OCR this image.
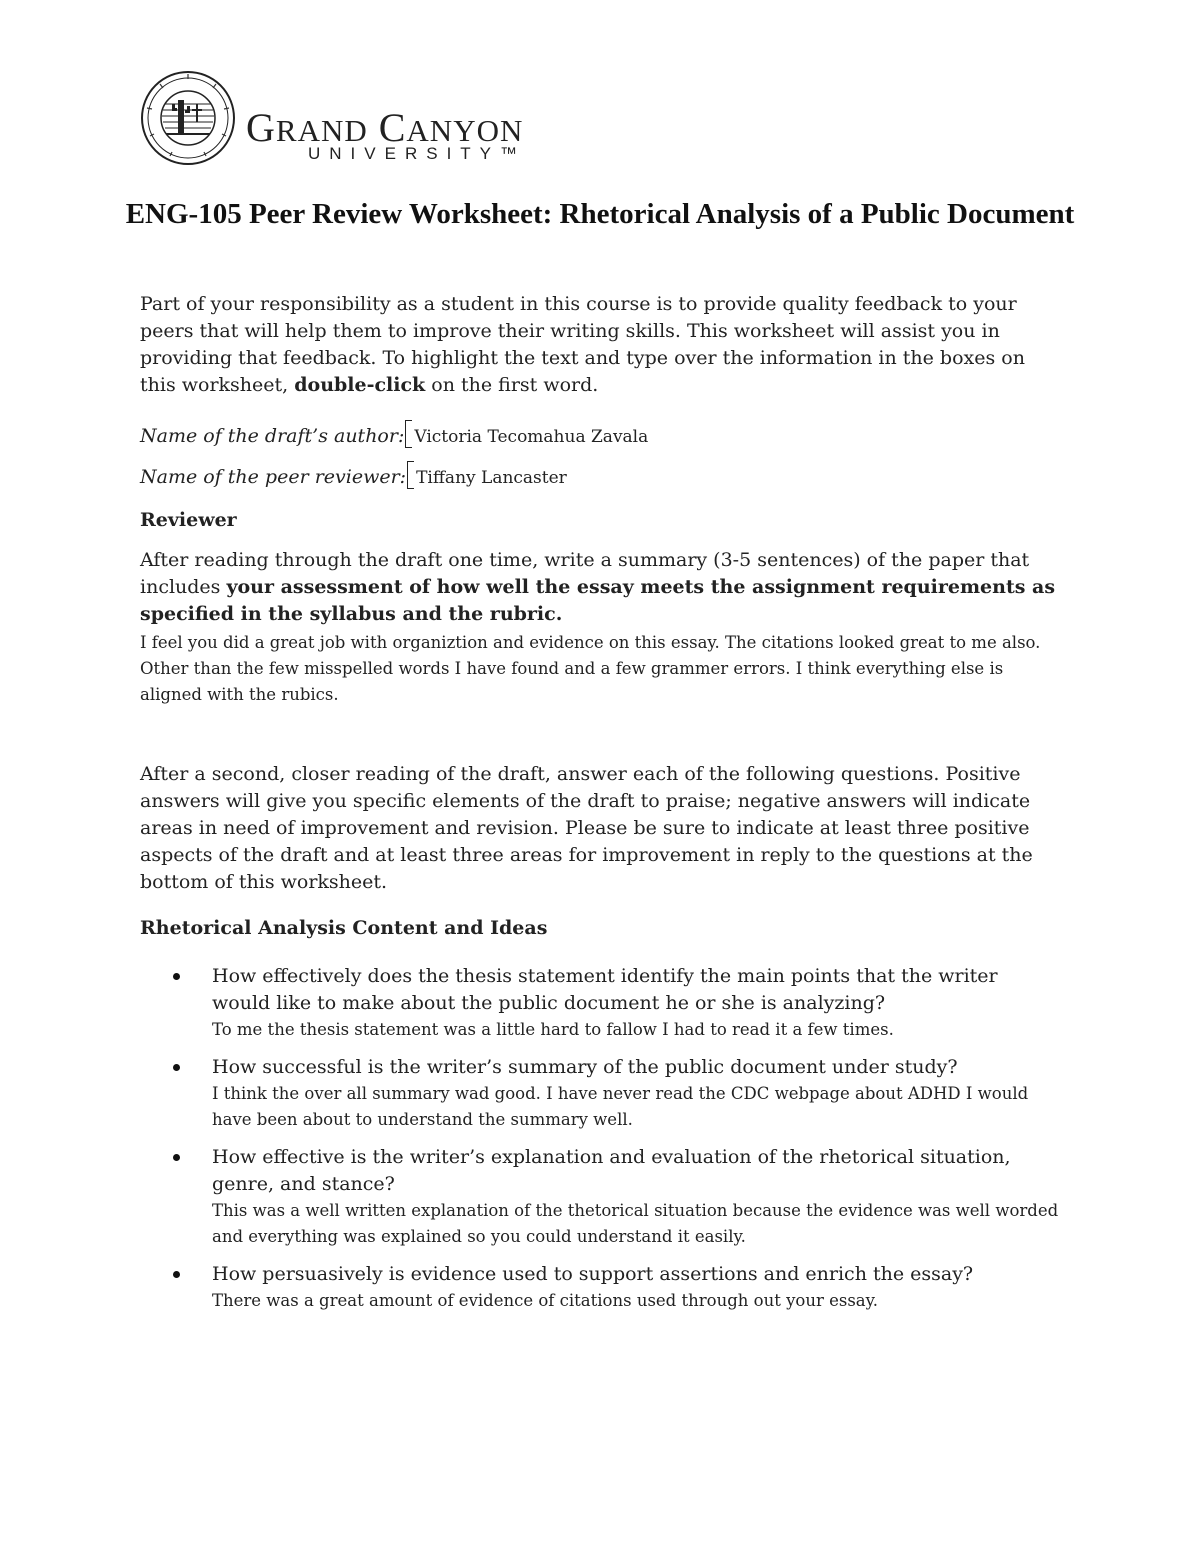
GRAND CANYON
UNIVERSITY™
ENG-105 Peer Review Worksheet: Rhetorical Analysis of a Public Document
Part of your responsibility as a student in this course is to provide quality feedback to your peers that will help them to improve their writing skills. This worksheet will assist you in providing that feedback. To highlight the text and type over the information in the boxes on this worksheet, double-click on the first word.
Name of the draft’s author: Victoria Tecomahua Zavala
Name of the peer reviewer: Tiffany Lancaster
Reviewer
After reading through the draft one time, write a summary (3-5 sentences) of the paper that includes your assessment of how well the essay meets the assignment requirements as specified in the syllabus and the rubric.
I feel you did a great job with organiztion and evidence on this essay. The citations looked great to me also. Other than the few misspelled words I have found and a few grammer errors. I think everything else is aligned with the rubics.
After a second, closer reading of the draft, answer each of the following questions. Positive answers will give you specific elements of the draft to praise; negative answers will indicate areas in need of improvement and revision. Please be sure to indicate at least three positive aspects of the draft and at least three areas for improvement in reply to the questions at the bottom of this worksheet.
Rhetorical Analysis Content and Ideas
How effectively does the thesis statement identify the main points that the writer would like to make about the public document he or she is analyzing?
To me the thesis statement was a little hard to fallow I had to read it a few times.
How successful is the writer’s summary of the public document under study?
I think the over all summary wad good. I have never read the CDC webpage about ADHD I would have been about to understand the summary well.
How effective is the writer’s explanation and evaluation of the rhetorical situation, genre, and stance?
This was a well written explanation of the thetorical situation because the evidence was well worded and everything was explained so you could understand it easily.
How persuasively is evidence used to support assertions and enrich the essay?
There was a great amount of evidence of citations used through out your essay.
